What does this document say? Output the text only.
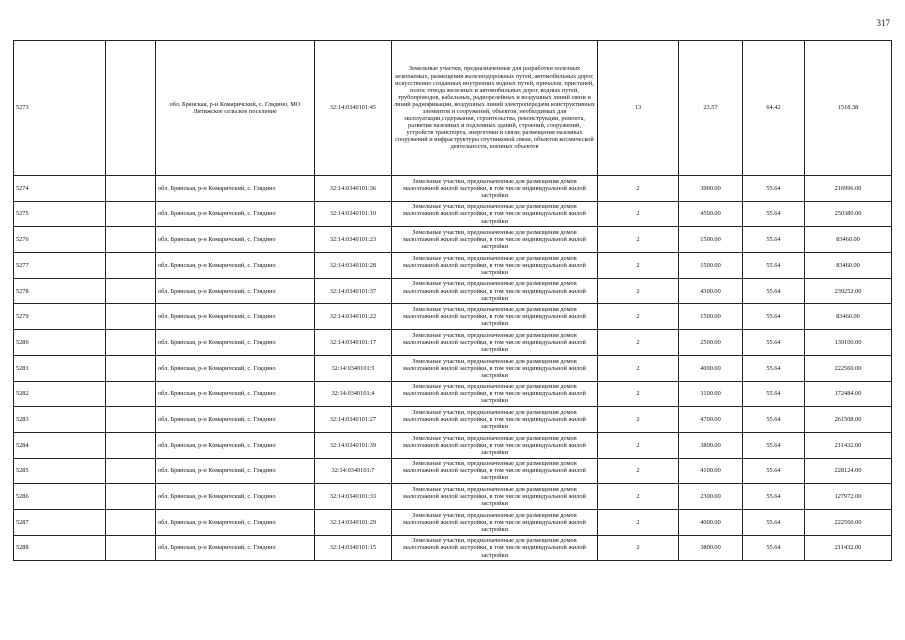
317
5273		обл. Брянская, р-н Комаричский, с. Глядино, МО Литижское сельское поселение	32:14:0340101:45	Земельные участки, предназначенные для разработки полезных ископаемых, размещения железнодорожных путей, автомобильных дорог, искусственно созданных внутренних водных путей, причалов, пристаней, полос отвода железных и автомобильных дорог, водных путей, трубопроводов, кабельных, радиорелейных и воздушных линий связи и линий радиофикации, воздушных линий электропередачи конструктивных элементов и сооружений, объектов, необходимых для эксплуатации,содержания, строительства, реконструкции, ремонта, развития наземных и подземных зданий, строений, сооружений, устройств транспорта, энергетики и связи; размещения наземных сооружений и инфраструктуры спутниковой связи, объектов космической деятельности, военных объектов	13	23.57	64.42	1518.38
5274		обл. Брянская, р-н Комаричский, с. Глядино	32:14:0340101:36	Земельные участки, предназначенные для размещения домов малоэтажной жилой застройки, в том числе индивидуальной жилой застройки	2	3900.00	55.64	216996.00
5275		обл. Брянская, р-н Комаричский, с. Глядино	32:14:0340101:10	Земельные участки, предназначенные для размещения домов малоэтажной жилой застройки, в том числе индивидуальной жилой застройки	2	4500.00	55.64	250380.00
5276		обл. Брянская, р-н Комаричский, с. Глядино	32:14:0340101:23	Земельные участки, предназначенные для размещения домов малоэтажной жилой застройки, в том числе индивидуальной жилой застройки	2	1500.00	55.64	83460.00
5277		обл. Брянская, р-н Комаричский, с. Глядино	32:14:0340101:28	Земельные участки, предназначенные для размещения домов малоэтажной жилой застройки, в том числе индивидуальной жилой застройки	2	1500.00	55.64	83460.00
5278		обл. Брянская, р-н Комаричский, с. Глядино	32:14:0340101:37	Земельные участки, предназначенные для размещения домов малоэтажной жилой застройки, в том числе индивидуальной жилой застройки	2	4300.00	55.64	239252.00
5279		обл. Брянская, р-н Комаричский, с. Глядино	32:14:0340101:22	Земельные участки, предназначенные для размещения домов малоэтажной жилой застройки, в том числе индивидуальной жилой застройки	2	1500.00	55.64	83460.00
5280		обл. Брянская, р-н Комаричский, с. Глядино	32:14:0340101:17	Земельные участки, предназначенные для размещения домов малоэтажной жилой застройки, в том числе индивидуальной жилой застройки	2	2500.00	55.64	139100.00
5281		обл. Брянская, р-н Комаричский, с. Глядино	32:14:0340101:5	Земельные участки, предназначенные для размещения домов малоэтажной жилой застройки, в том числе индивидуальной жилой застройки	2	4000.00	55.64	222560.00
5282		обл. Брянская, р-н Комаричский, с. Глядино	32:14:0340101:4	Земельные участки, предназначенные для размещения домов малоэтажной жилой застройки, в том числе индивидуальной жилой застройки	2	3100.00	55.64	172484.00
5283		обл. Брянская, р-н Комаричский, с. Глядино	32:14:0340101:27	Земельные участки, предназначенные для размещения домов малоэтажной жилой застройки, в том числе индивидуальной жилой застройки	2	4700.00	55.64	261508.00
5284		обл. Брянская, р-н Комаричский, с. Глядино	32:14:0340101:39	Земельные участки, предназначенные для размещения домов малоэтажной жилой застройки, в том числе индивидуальной жилой застройки	2	3800.00	55.64	211432.00
5285		обл. Брянская, р-н Комаричский, с. Глядино	32:14:0340101:7	Земельные участки, предназначенные для размещения домов малоэтажной жилой застройки, в том числе индивидуальной жилой застройки	2	4100.00	55.64	228124.00
5286		обл. Брянская, р-н Комаричский, с. Глядино	32:14:0340101:33	Земельные участки, предназначенные для размещения домов малоэтажной жилой застройки, в том числе индивидуальной жилой застройки	2	2300.00	55.64	127972.00
5287		обл. Брянская, р-н Комаричский, с. Глядино	32:14:0340101:29	Земельные участки, предназначенные для размещения домов малоэтажной жилой застройки, в том числе индивидуальной жилой застройки	2	4000.00	55.64	222560.00
5288		обл. Брянская, р-н Комаричский, с. Глядино	32:14:0340101:15	Земельные участки, предназначенные для размещения домов малоэтажной жилой застройки, в том числе индивидуальной жилой застройки	2	3800.00	55.64	211432.00
